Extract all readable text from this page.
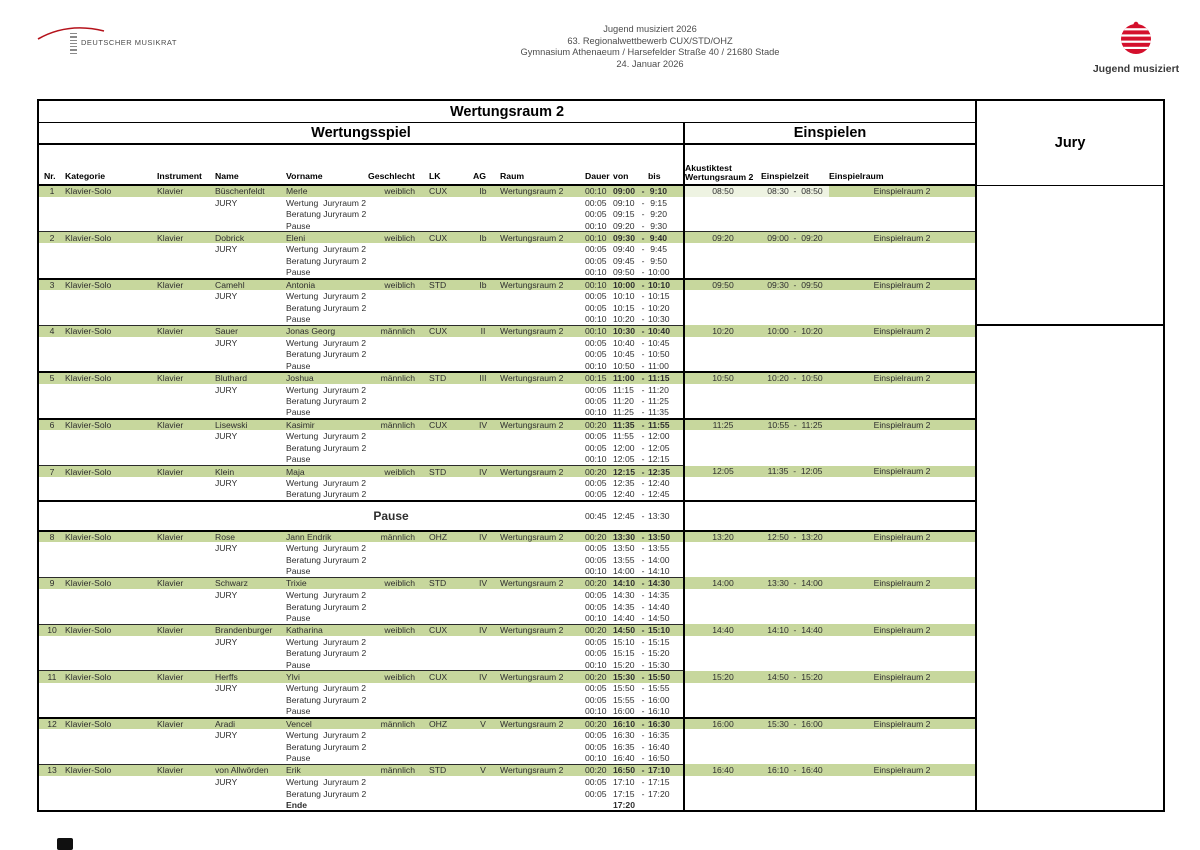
DEUTSCHER MUSIKRAT
Jugend musiziert 2026
63. Regionalwettbewerb CUX/STD/OHZ
Gymnasium Athenaeum / Harsefelder Straße 40 / 21680 Stade
24. Januar 2026	Jugend musiziert
Wertungsraum 2																	Jury
Wertungsspiel														Einspielen			
Nr.	Kategorie	Instrument	Name	Vorname	Geschlecht	LK	AG	Raum	Dauer	von		bis		Akustiktest
Wertungsraum 2	Einspielzeit	Einspielraum	
1	Klavier-Solo	Klavier	Büschenfeldt	Merle	weiblich	CUX	Ib	Wertungsraum 2	00:10	09:00	-	9:10		08:50	08:30  -  08:50	Einspielraum 2	
			JURY	Wertung  Juryraum 2					00:05	09:10	-	9:15					
				Beratung Juryraum 2					00:05	09:15	-	9:20					
				Pause					00:10	09:20	-	9:30					
2	Klavier-Solo	Klavier	Dobrick	Eleni	weiblich	CUX	Ib	Wertungsraum 2	00:10	09:30	-	9:40		09:20	09:00  -  09:20	Einspielraum 2	
			JURY	Wertung  Juryraum 2					00:05	09:40	-	9:45					
				Beratung Juryraum 2					00:05	09:45	-	9:50					
				Pause					00:10	09:50	-	10:00					
3	Klavier-Solo	Klavier	Camehl	Antonia	weiblich	STD	Ib	Wertungsraum 2	00:10	10:00	-	10:10		09:50	09:30  -  09:50	Einspielraum 2	
			JURY	Wertung  Juryraum 2					00:05	10:10	-	10:15					
				Beratung Juryraum 2					00:05	10:15	-	10:20					
				Pause					00:10	10:20	-	10:30					
4	Klavier-Solo	Klavier	Sauer	Jonas Georg	männlich	CUX	II	Wertungsraum 2	00:10	10:30	-	10:40		10:20	10:00  -  10:20	Einspielraum 2	
			JURY	Wertung  Juryraum 2					00:05	10:40	-	10:45					
				Beratung Juryraum 2					00:05	10:45	-	10:50					
				Pause					00:10	10:50	-	11:00					
5	Klavier-Solo	Klavier	Bluthard	Joshua	männlich	STD	III	Wertungsraum 2	00:15	11:00	-	11:15		10:50	10:20  -  10:50	Einspielraum 2	
			JURY	Wertung  Juryraum 2					00:05	11:15	-	11:20					
				Beratung Juryraum 2					00:05	11:20	-	11:25					
				Pause					00:10	11:25	-	11:35					
6	Klavier-Solo	Klavier	Lisewski	Kasimir	männlich	CUX	IV	Wertungsraum 2	00:20	11:35	-	11:55		11:25	10:55  -  11:25	Einspielraum 2	
			JURY	Wertung  Juryraum 2					00:05	11:55	-	12:00					
				Beratung Juryraum 2					00:05	12:00	-	12:05					
				Pause					00:10	12:05	-	12:15					
7	Klavier-Solo	Klavier	Klein	Maja	weiblich	STD	IV	Wertungsraum 2	00:20	12:15	-	12:35		12:05	11:35  -  12:05	Einspielraum 2	
			JURY	Wertung  Juryraum 2					00:05	12:35	-	12:40					
				Beratung Juryraum 2					00:05	12:40	-	12:45					
Pause									00:45	12:45	-	13:30					
8	Klavier-Solo	Klavier	Rose	Jann Endrik	männlich	OHZ	IV	Wertungsraum 2	00:20	13:30	-	13:50		13:20	12:50  -  13:20	Einspielraum 2	
			JURY	Wertung  Juryraum 2					00:05	13:50	-	13:55					
				Beratung Juryraum 2					00:05	13:55	-	14:00					
				Pause					00:10	14:00	-	14:10					
9	Klavier-Solo	Klavier	Schwarz	Trixie	weiblich	STD	IV	Wertungsraum 2	00:20	14:10	-	14:30		14:00	13:30  -  14:00	Einspielraum 2	
			JURY	Wertung  Juryraum 2					00:05	14:30	-	14:35					
				Beratung Juryraum 2					00:05	14:35	-	14:40					
				Pause					00:10	14:40	-	14:50					
10	Klavier-Solo	Klavier	Brandenburger	Katharina	weiblich	CUX	IV	Wertungsraum 2	00:20	14:50	-	15:10		14:40	14:10  -  14:40	Einspielraum 2	
			JURY	Wertung  Juryraum 2					00:05	15:10	-	15:15					
				Beratung Juryraum 2					00:05	15:15	-	15:20					
				Pause					00:10	15:20	-	15:30					
11	Klavier-Solo	Klavier	Herffs	Ylvi	weiblich	CUX	IV	Wertungsraum 2	00:20	15:30	-	15:50		15:20	14:50  -  15:20	Einspielraum 2	
			JURY	Wertung  Juryraum 2					00:05	15:50	-	15:55					
				Beratung Juryraum 2					00:05	15:55	-	16:00					
				Pause					00:10	16:00	-	16:10					
12	Klavier-Solo	Klavier	Aradi	Vencel	männlich	OHZ	V	Wertungsraum 2	00:20	16:10	-	16:30		16:00	15:30  -  16:00	Einspielraum 2	
			JURY	Wertung  Juryraum 2					00:05	16:30	-	16:35					
				Beratung Juryraum 2					00:05	16:35	-	16:40					
				Pause					00:10	16:40	-	16:50					
13	Klavier-Solo	Klavier	von Allwörden	Erik	männlich	STD	V	Wertungsraum 2	00:20	16:50	-	17:10		16:40	16:10  -  16:40	Einspielraum 2	
			JURY	Wertung  Juryraum 2					00:05	17:10	-	17:15					
				Beratung Juryraum 2					00:05	17:15	-	17:20					
				Ende						17:20							
